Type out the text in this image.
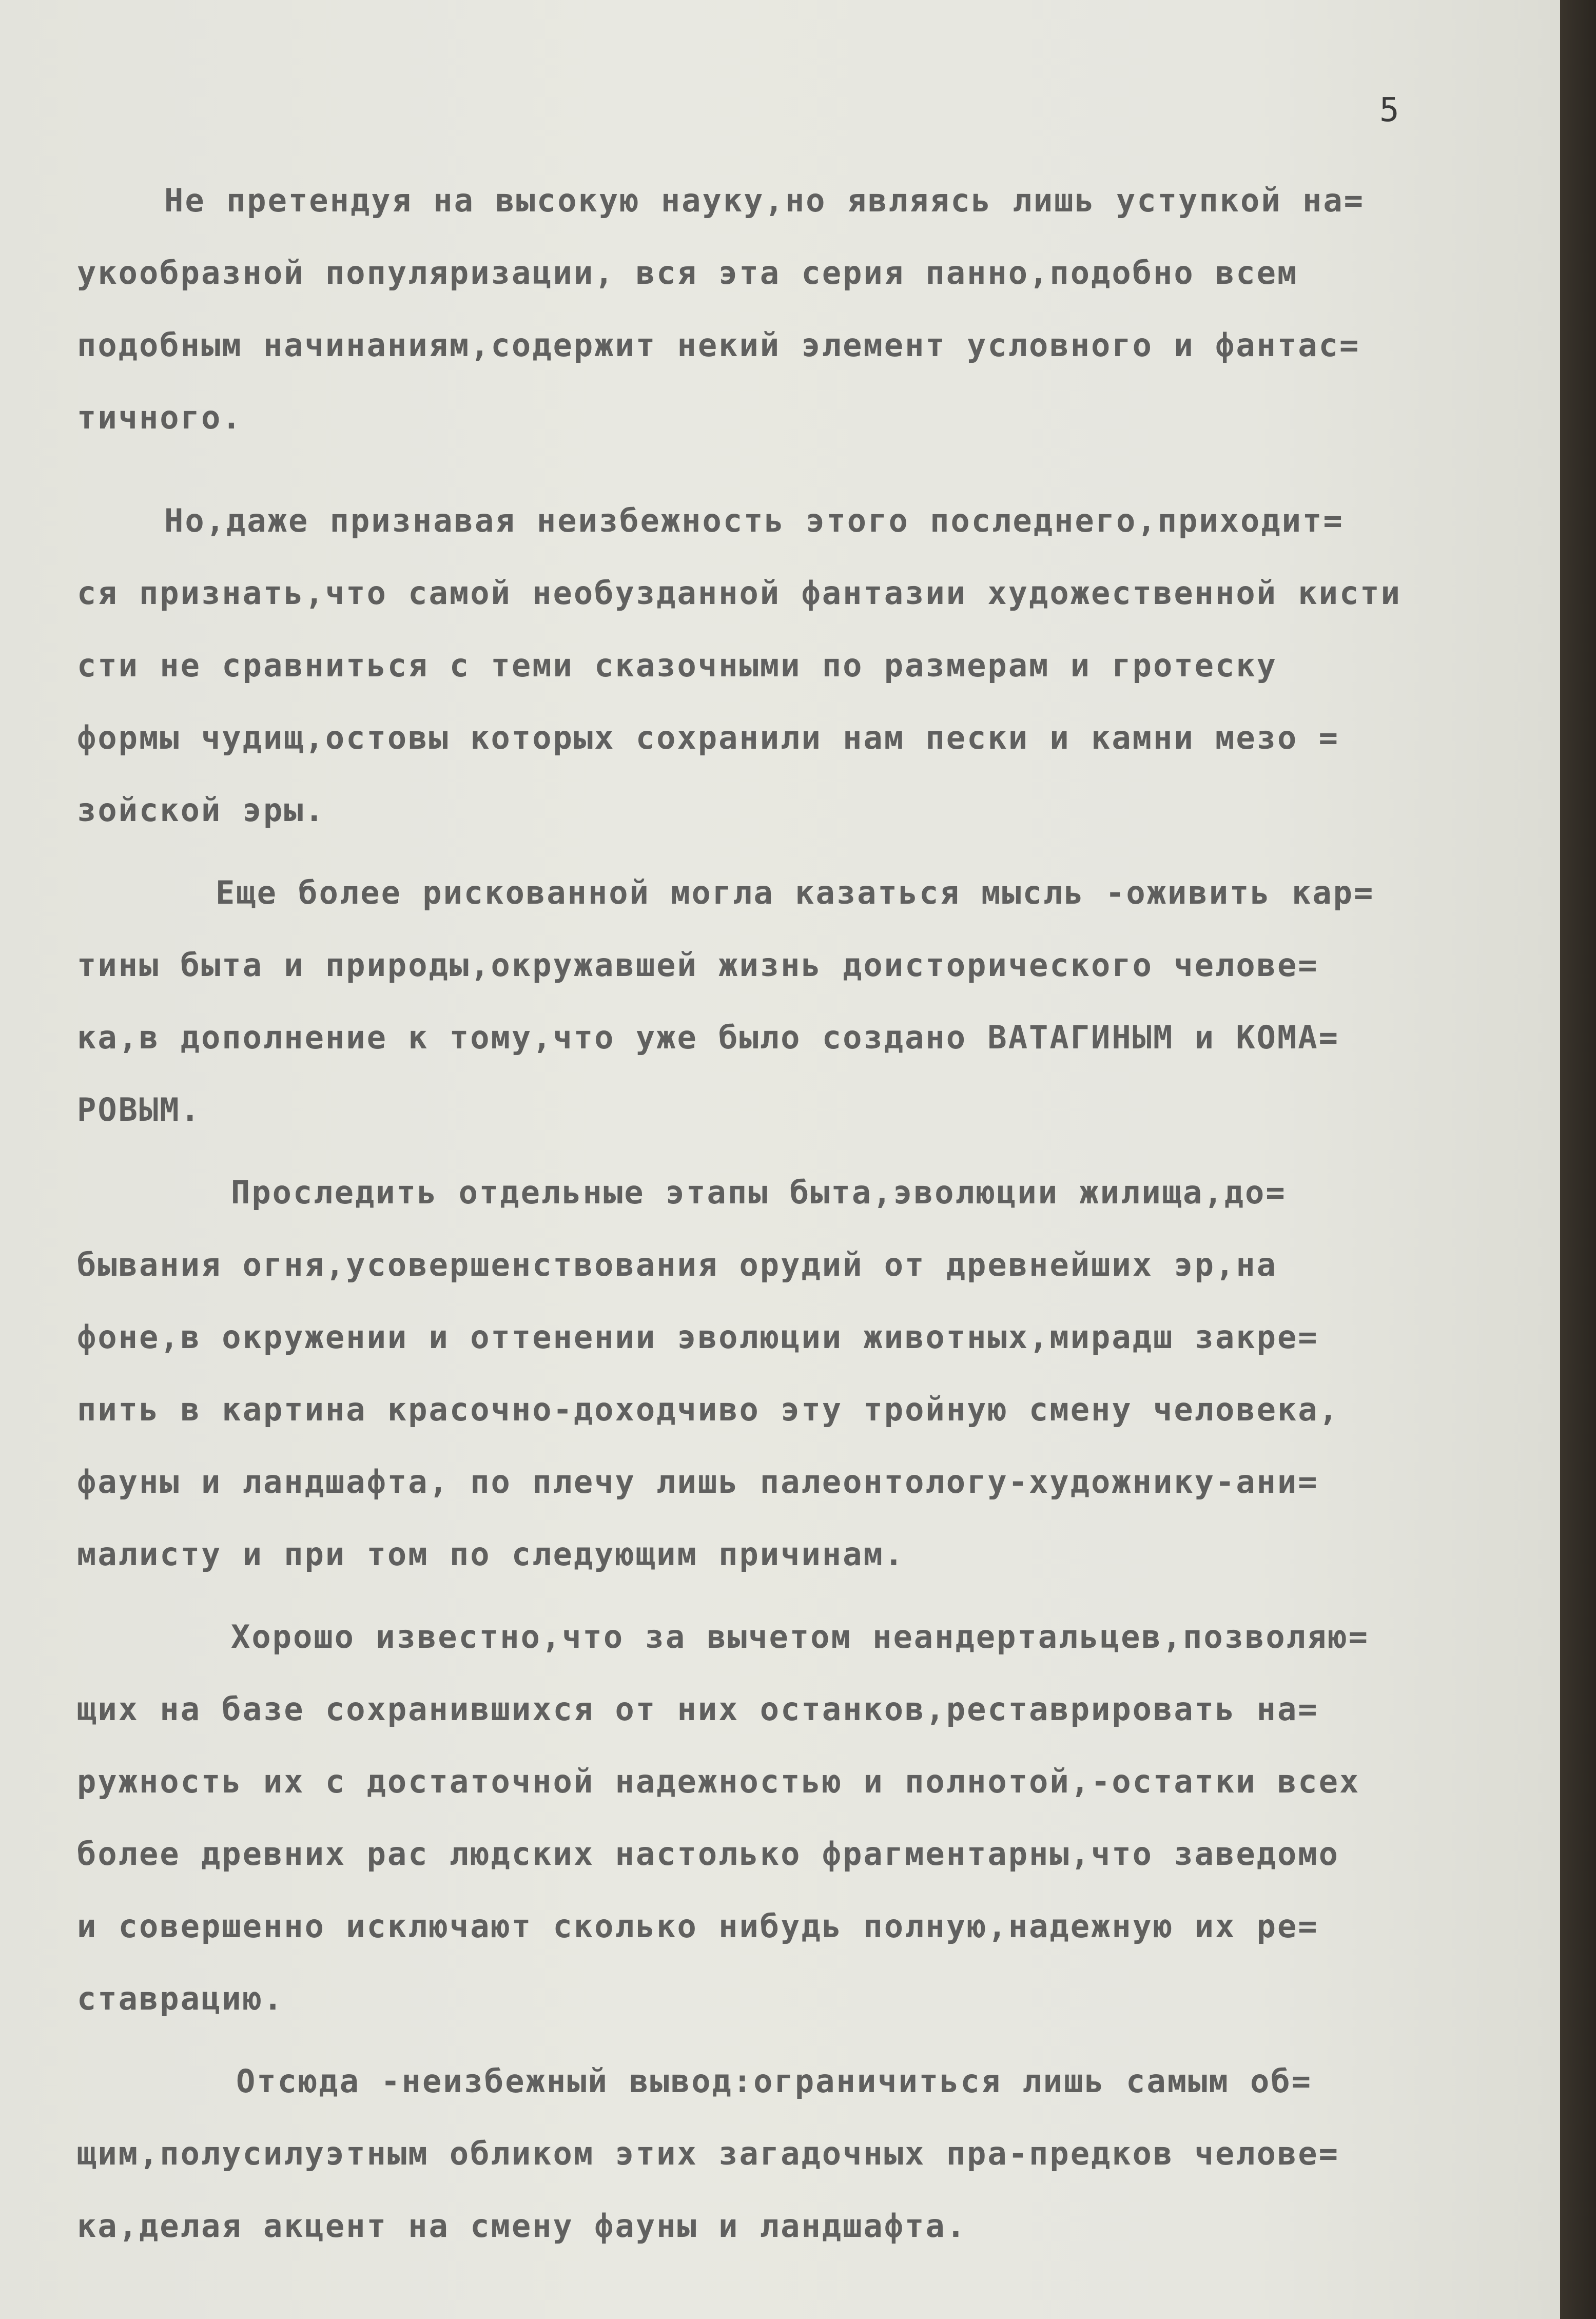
5
Не претендуя на высокую науку,но являясь лишь уступкой на=
укообразной популяризации, вся эта серия панно,подобно всем
подобным начинаниям,содержит некий элемент условного и фантас=
тичного.
Но,даже признавая неизбежность этого последнего,приходит=
ся признать,что самой необузданной фантазии художественной кисти
сти не сравниться с теми сказочными по размерам и гротеску
формы чудищ,остовы которых сохранили нам пески и камни мезо =
зойской эры.
Еще более рискованной могла казаться мысль -оживить кар=
тины быта и природы,окружавшей жизнь доисторического челове=
ка,в дополнение к тому,что уже было создано ВАТАГИНЫМ и КОМА=
РОВЫМ.
Проследить отдельные этапы быта,эволюции жилища,до=
бывания огня,усовершенствования орудий от древнейших эр,на
фоне,в окружении и оттенении эволюции животных,мирадш закре=
пить в картина красочно-доходчиво эту тройную смену человека,
фауны и ландшафта, по плечу лишь палеонтологу-художнику-ани=
малисту и при том по следующим причинам.
Хорошо известно,что за вычетом неандертальцев,позволяю=
щих на базе сохранившихся от них останков,реставрировать на=
ружность их с достаточной надежностью и полнотой,-остатки всех
более древних рас людских настолько фрагментарны,что заведомо
и совершенно исключают сколько нибудь полную,надежную их ре=
ставрацию.
Отсюда -неизбежный вывод:ограничиться лишь самым об=
щим,полусилуэтным обликом этих загадочных пра-предков челове=
ка,делая акцент на смену фауны и ландшафта.
